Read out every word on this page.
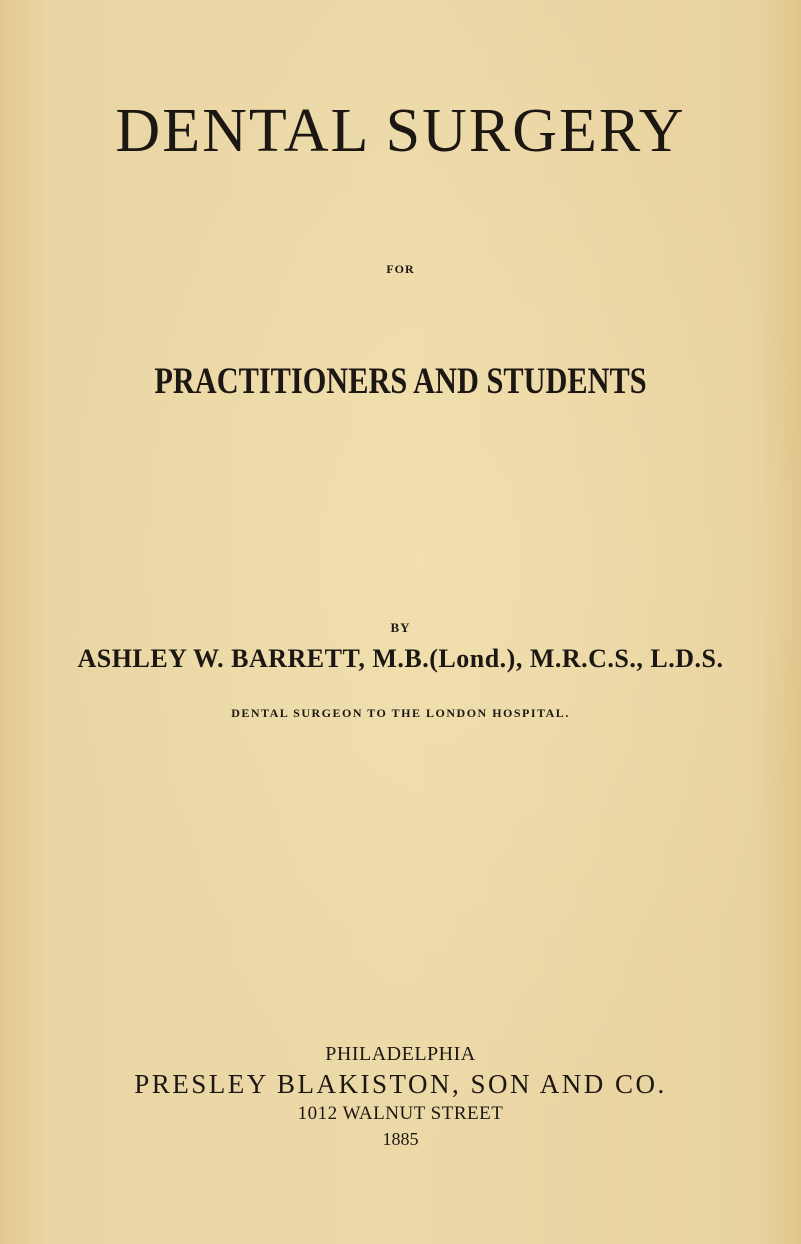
DENTAL SURGERY
FOR
PRACTITIONERS AND STUDENTS
BY
ASHLEY W. BARRETT, M.B.(Lond.), M.R.C.S., L.D.S.
DENTAL SURGEON TO THE LONDON HOSPITAL.
PHILADELPHIA
PRESLEY BLAKISTON, SON AND CO.
1012 WALNUT STREET
1885
